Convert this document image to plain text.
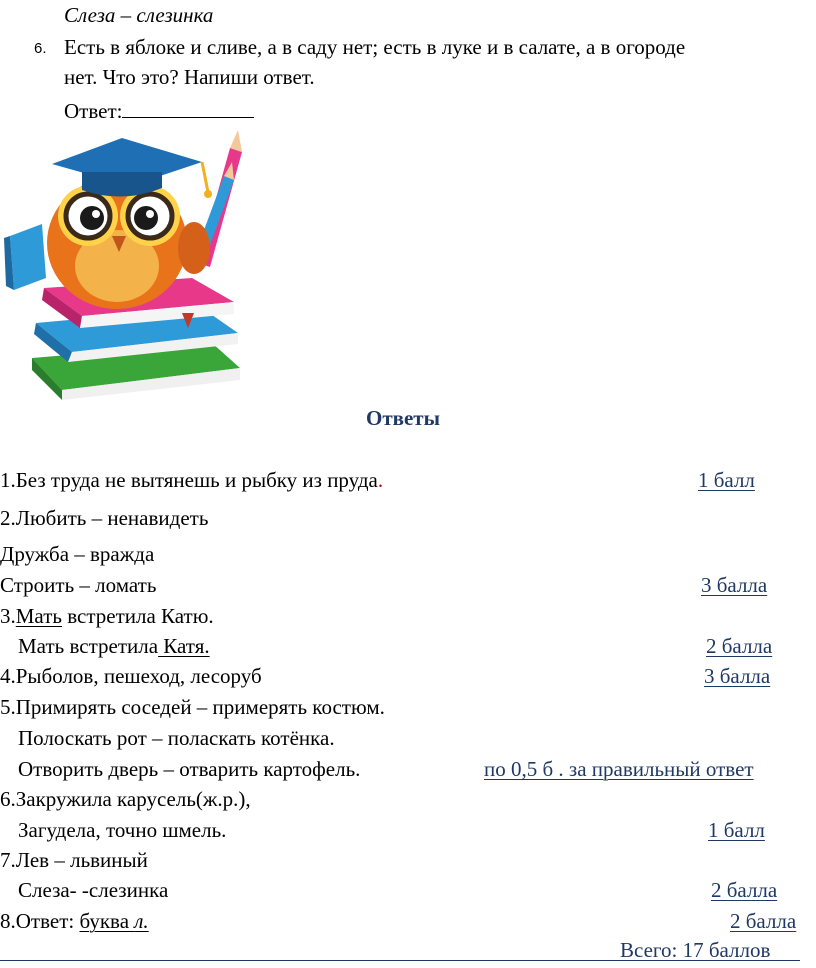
Слеза – слезинка
6. Есть в яблоке и сливе, а в саду нет; есть в луке и в салате, а в огороде
нет. Что это? Напиши ответ.
Ответ:
Ответы
1.Без труда не вытянешь и рыбку из пруда.	1 балл
2.Любить – ненавидеть
Дружба – вражда
Строить – ломать	3 балла
3.Мать встретила Катю.
Мать встретила Катя.	2 балла
4.Рыболов, пешеход, лесоруб	3 балла
5.Примирять соседей – примерять костюм.
Полоскать рот – поласкать котёнка.
Отворить дверь – отварить картофель.	по 0,5 б . за правильный ответ
6.Закружила карусель(ж.р.),
Загудела, точно шмель.	1 балл
7.Лев – львиный
Слеза- -слезинка	2 балла
8.Ответ: буква л.	2 балла
Всего: 17 баллов
